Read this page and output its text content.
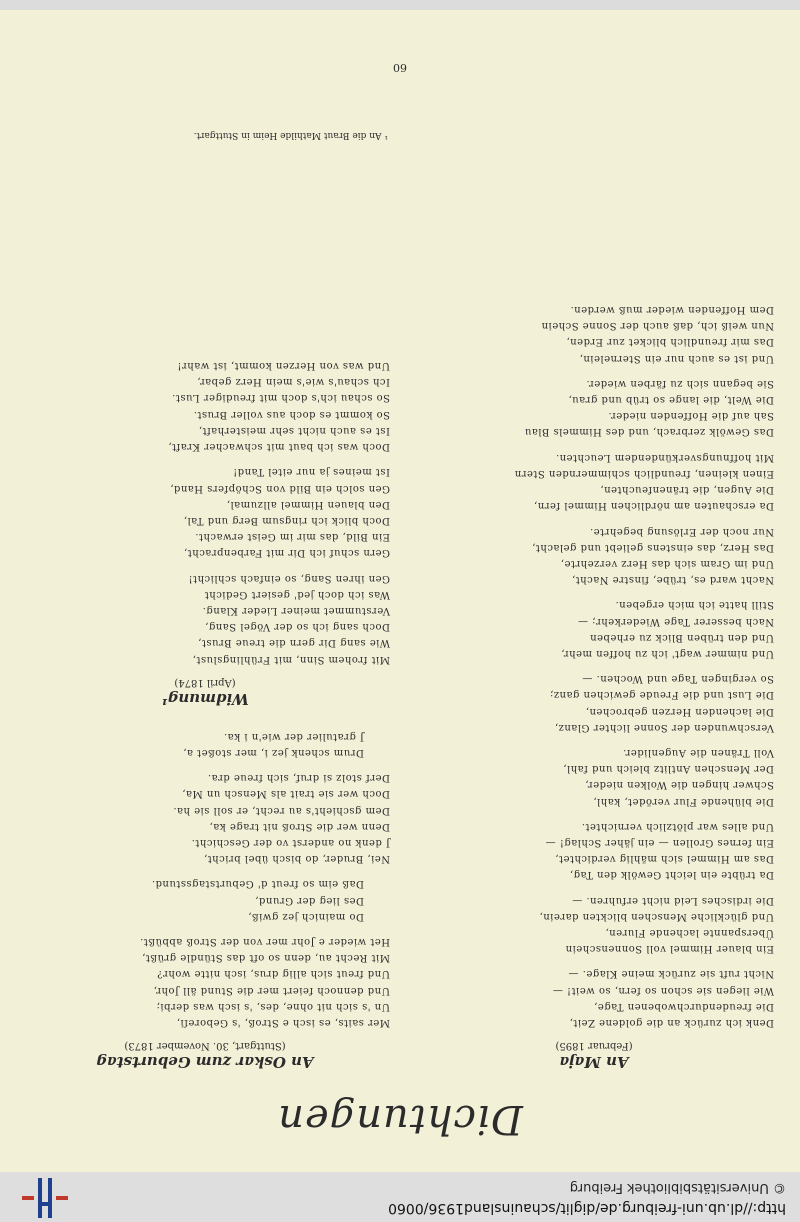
http://dl.ub.uni-freiburg.de/diglit/schauinsland1936/0060
© Universitätsbibliothek Freiburg
60
Dichtungen
An Maja
(Februar 1895)
Denk ich zurück an die goldene Zeit,
Die freudendurchwobenen Tage,
Wie liegen sie schon so fern, so weit! —
Nicht ruft sie zurück meine Klage. —
Ein blauer Himmel voll Sonnenschein
Überspannte lachende Fluren,
Und glückliche Menschen blickten darein,
Die irdisches Leid nicht erfuhren. —
Da trübte ein leicht Gewölk den Tag,
Das am Himmel sich mählig verdichtet,
Ein fernes Grollen — ein jäher Schlag! —
Und alles war plötzlich vernichtet.
Die blühende Flur verödet, kahl,
Schwer hingen die Wolken nieder,
Der Menschen Antlitz bleich und fahl,
Voll Tränen die Augenlider.
Verschwunden der Sonne lichter Glanz,
Die lachenden Herzen gebrochen,
Die Lust und die Freude gewichen ganz;
So vergingen Tage und Wochen. —
Und nimmer wagt' ich zu hoffen mehr,
Und den trüben Blick zu erheben
Nach besserer Tage Wiederkehr; —
Still hatte ich mich ergeben.
Nacht ward es, trübe, finstre Nacht,
Und im Gram sich das Herz verzehrte,
Das Herz, das einstens geliebt und gelacht,
Nur noch der Erlösung begehrte.
Da erschauten am nördlichen Himmel fern,
Die Augen, die tränenfeuchten,
Einen kleinen, freundlich schimmernden Stern
Mit hoffnungsverkündendem Leuchten.
Das Gewölk zerbrach, und des Himmels Blau
Sah auf die Hoffenden nieder.
Die Welt, die lange so trüb und grau,
Sie begann sich zu färben wieder.
Und ist es auch nur ein Sternelein,
Das mir freundlich blicket zur Erden,
Nun weiß ich, daß auch der Sonne Schein
Dem Hoffenden wieder muß werden.
An Oskar zum Geburtstag
(Stuttgart, 30. November 1873)
Mer saits, es isch e Stroß, 's Geboreſi,
Un 's sich nit ohne, des, 's isch was derbi;
Und dennoch feiert mer die Stund äll Johr,
Und freut sich allig drus, isch nitte wohr?
Mit Recht au, denn so oft das Stündle grüßt,
Het wieder e Johr mer von der Stroß abbüßt.
Do mainich jez gwiß,
Des lieg der Grund,
Daß eim so freut d' Geburtstagsstund.
Nei, Bruder, do bisch übel bricht,
J denk no anderst vo der Geschicht.
Denn wer die Stroß nit trage ka,
Dem gschieht's au recht, er soll sie ha.
Doch wer sie trait als Mensch un Ma,
Derf stolz si druf, sich freue dra.
Drum schenk jez i, mer stoßet a,
J gratulier der wie'n i ka.
Widmung¹
(April 1874)
Mit frohem Sinn, mit Frühlingslust,
Wie sang Dir gern die treue Brust,
Doch sang ich so der Vögel Sang,
Verstummet meiner Lieder Klang.
Was ich doch jed' gesiert Gedicht
Gen ihren Sang, so einfach schlicht!
Gern schuf ich Dir mit Farbenpracht,
Ein Bild, das mir im Geist erwacht.
Doch blick ich ringsum Berg und Tal,
Den blauen Himmel allzumal,
Gen solch ein Bild von Schöpfers Hand,
Ist meines ja nur eitel Tand!
Doch was ich baut mit schwacher Kraft,
Ist es auch nicht sehr meisterhaft,
So kommt es doch aus voller Brust.
So schau ich's doch mit freudiger Lust.
Ich schau's wie's mein Herz gebar,
Und was von Herzen kommt, ist wahr!
¹ An die Braut Mathilde Heim in Stuttgart.
